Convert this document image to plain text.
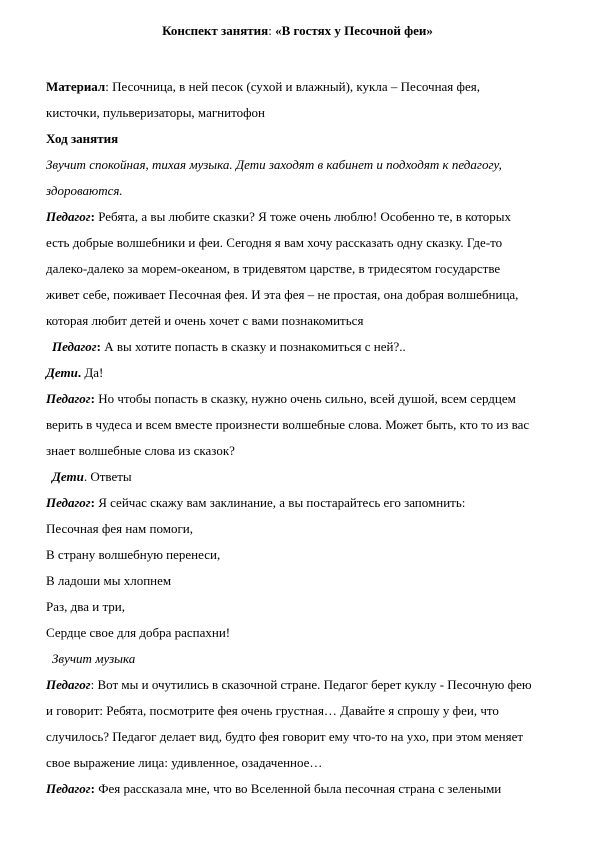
Конспект занятия: «В гостях у Песочной феи»
Материал: Песочница, в ней песок (сухой и влажный), кукла – Песочная фея,
кисточки, пульверизаторы, магнитофон
Ход занятия
Звучит спокойная, тихая музыка. Дети заходят в кабинет и подходят к педагогу,
здороваются.
Педагог: Ребята, а вы любите сказки? Я тоже очень люблю! Особенно те, в которых
есть добрые волшебники и феи. Сегодня я вам хочу рассказать одну сказку. Где-то
далеко-далеко за морем-океаном, в тридевятом царстве, в тридесятом государстве
живет себе, поживает Песочная фея. И эта фея – не простая, она добрая волшебница,
которая любит детей и очень хочет с вами познакомиться
Педагог: А вы хотите попасть в сказку и познакомиться с ней?..
Дети. Да!
Педагог: Но чтобы попасть в сказку, нужно очень сильно, всей душой, всем сердцем
верить в чудеса и всем вместе произнести волшебные слова. Может быть, кто то из вас
знает волшебные слова из сказок?
Дети. Ответы
Педагог: Я сейчас скажу вам заклинание, а вы постарайтесь его запомнить:
Песочная фея нам помоги,
В страну волшебную перенеси,
В ладоши мы хлопнем
Раз, два и три,
Сердце свое для добра распахни!
Звучит музыка
Педагог: Вот мы и очутились в сказочной стране. Педагог берет куклу - Песочную фею
и говорит: Ребята, посмотрите фея очень грустная… Давайте я спрошу у феи, что
случилось? Педагог делает вид, будто фея говорит ему что-то на ухо, при этом меняет
свое выражение лица: удивленное, озадаченное…
Педагог: Фея рассказала мне, что во Вселенной была песочная страна с зелеными
